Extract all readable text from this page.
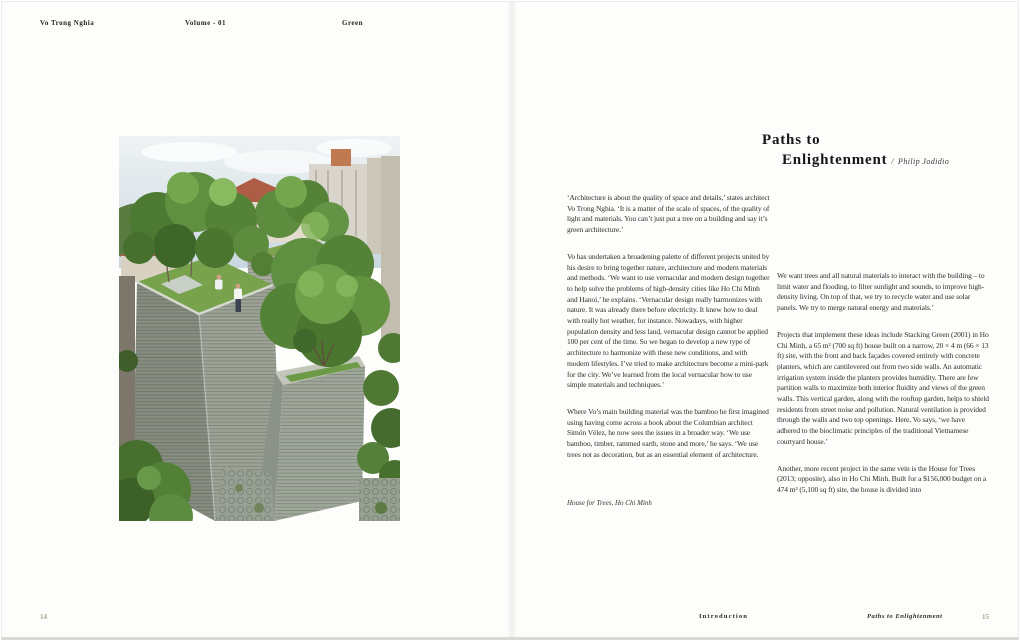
Vo Trong Nghia	Volume - 01	Green
Paths to
Enlightenment / Philip Jodidio

‘Architecture is about the quality of space and details,’ states architect Vo Trong Nghia. ‘It is a matter of the scale of spaces, of the quality of light and materials. You can’t just put a tree on a building and say it’s green architecture.’

Vo has undertaken a broadening palette of different projects united by his desire to bring together nature, architecture and modern materials and methods. ‘We want to use vernacular and modern design together to help solve the problems of high-density cities like Ho Chi Minh and Hanoi,’ he explains. ‘Vernacular design really harmonizes with nature. It was already there before electricity. It knew how to deal with really hot weather, for instance. Nowadays, with higher population density and less land, vernacular design cannot be applied 100 per cent of the time. So we began to develop a new type of architecture to harmonize with these new conditions, and with modern lifestyles. I’ve tried to make architecture become a mini-park for the city. We’ve learned from the local vernacular how to use simple materials and techniques.’

Where Vo’s main building material was the bamboo he first imagined using having come across a book about the Columbian architect Simón Vélez, he now sees the issues in a broader way. ‘We use bamboo, timber, rammed earth, stone and more,’ he says. ‘We use trees not as decoration, but as an essential element of architecture.

House for Trees, Ho Chi Minh

We want trees and all natural materials to interact with the building – to limit water and flooding, to filter sunlight and sounds, to improve high-density living. On top of that, we try to recycle water and use solar panels. We try to merge natural energy and materials.’

Projects that implement these ideas include Stacking Green (2001) in Ho Chi Minh, a 65 m² (700 sq ft) house built on a narrow, 20 × 4 m (66 × 13 ft) site, with the front and back façades covered entirely with concrete planters, which are cantilevered out from two side walls. An automatic irrigation system inside the planters provides humidity. There are few partition walls to maximize both interior fluidity and views of the green walls. This vertical garden, along with the rooftop garden, helps to shield residents from street noise and pollution. Natural ventilation is provided through the walls and two top openings. Here, Vo says, ‘we have adhered to the bioclimatic principles of the traditional Vietnamese courtyard house.’

Another, more recent project in the same vein is the House for Trees (2013; opposite), also in Ho Chi Minh. Built for a $156,000 budget on a 474 m² (5,100 sq ft) site, the house is divided into

14	Introduction	Paths to Enlightenment	15
